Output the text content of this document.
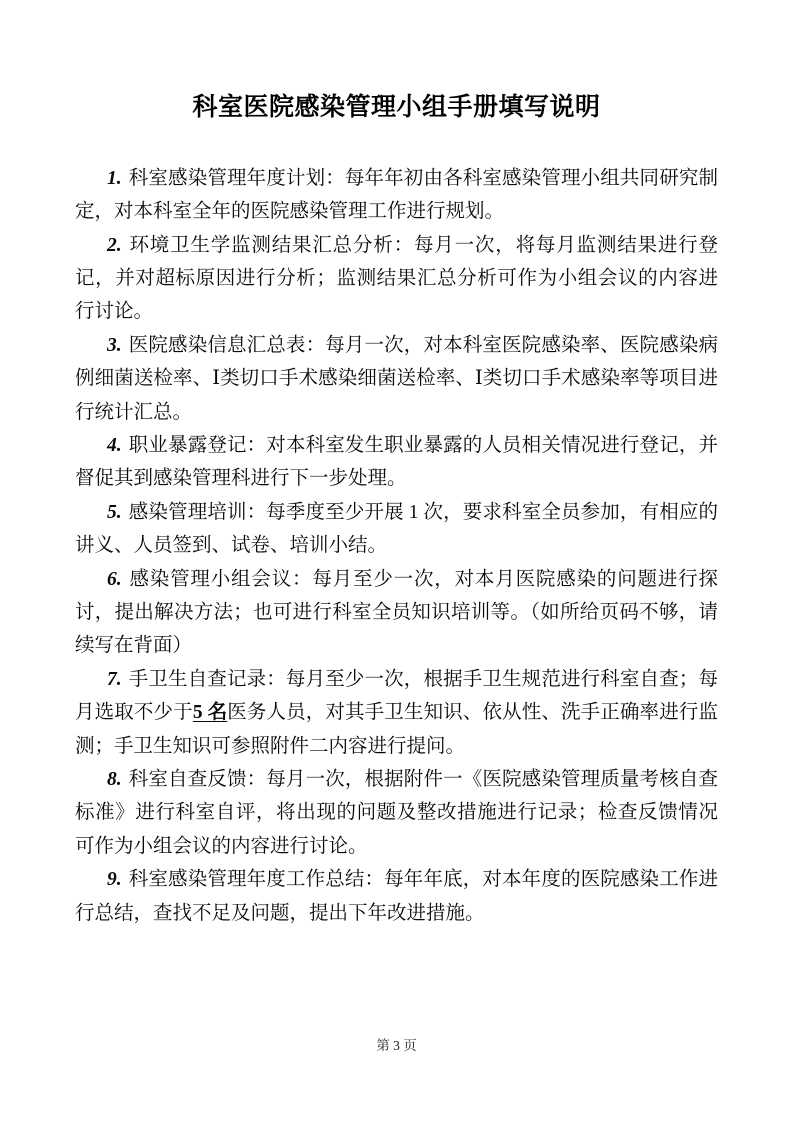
科室医院感染管理小组手册填写说明

1. 科室感染管理年度计划：每年年初由各科室感染管理小组共同研究制定，对本科室全年的医院感染管理工作进行规划。

2. 环境卫生学监测结果汇总分析：每月一次，将每月监测结果进行登记，并对超标原因进行分析；监测结果汇总分析可作为小组会议的内容进行讨论。

3. 医院感染信息汇总表：每月一次，对本科室医院感染率、医院感染病例细菌送检率、Ⅰ类切口手术感染细菌送检率、Ⅰ类切口手术感染率等项目进行统计汇总。

4. 职业暴露登记：对本科室发生职业暴露的人员相关情况进行登记，并督促其到感染管理科进行下一步处理。

5. 感染管理培训：每季度至少开展 1 次，要求科室全员参加，有相应的讲义、人员签到、试卷、培训小结。

6. 感染管理小组会议：每月至少一次，对本月医院感染的问题进行探讨，提出解决方法；也可进行科室全员知识培训等。（如所给页码不够，请续写在背面）

7. 手卫生自查记录：每月至少一次，根据手卫生规范进行科室自查；每月选取不少于5 名医务人员，对其手卫生知识、依从性、洗手正确率进行监测；手卫生知识可参照附件二内容进行提问。

8. 科室自查反馈：每月一次，根据附件一《医院感染管理质量考核自查标准》进行科室自评，将出现的问题及整改措施进行记录；检查反馈情况可作为小组会议的内容进行讨论。

9. 科室感染管理年度工作总结：每年年底，对本年度的医院感染工作进行总结，查找不足及问题，提出下年改进措施。

第 3 页
